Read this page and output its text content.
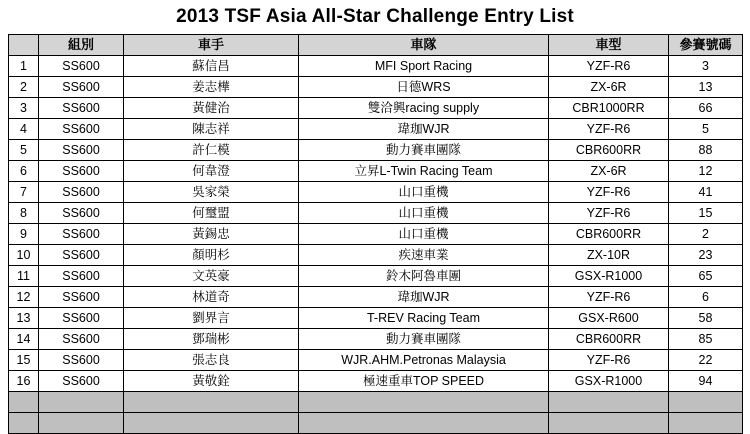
2013 TSF Asia All-Star Challenge Entry List
	組別	車手	車隊	車型	參賽號碼
1	SS600	蘇信昌	MFI Sport Racing	YZF-R6	3
2	SS600	姜志樺	日德WRS	ZX-6R	13
3	SS600	黃健治	雙洽興racing supply	CBR1000RR	66
4	SS600	陳志祥	瑋珈WJR	YZF-R6	5
5	SS600	許仁模	動力賽車團隊	CBR600RR	88
6	SS600	何韋澄	立昇L-Twin Racing Team	ZX-6R	12
7	SS600	吳家榮	山口重機	YZF-R6	41
8	SS600	何璽盟	山口重機	YZF-R6	15
9	SS600	黃錫忠	山口重機	CBR600RR	2
10	SS600	顏明杉	疾速車業	ZX-10R	23
11	SS600	文英豪	鈴木阿魯車團	GSX-R1000	65
12	SS600	林道奇	瑋珈WJR	YZF-R6	6
13	SS600	劉界言	T-REV Racing Team	GSX-R600	58
14	SS600	鄧瑞彬	動力賽車團隊	CBR600RR	85
15	SS600	張志良	WJR.AHM.Petronas Malaysia	YZF-R6	22
16	SS600	黃敬銓	極速重車TOP SPEED	GSX-R1000	94
